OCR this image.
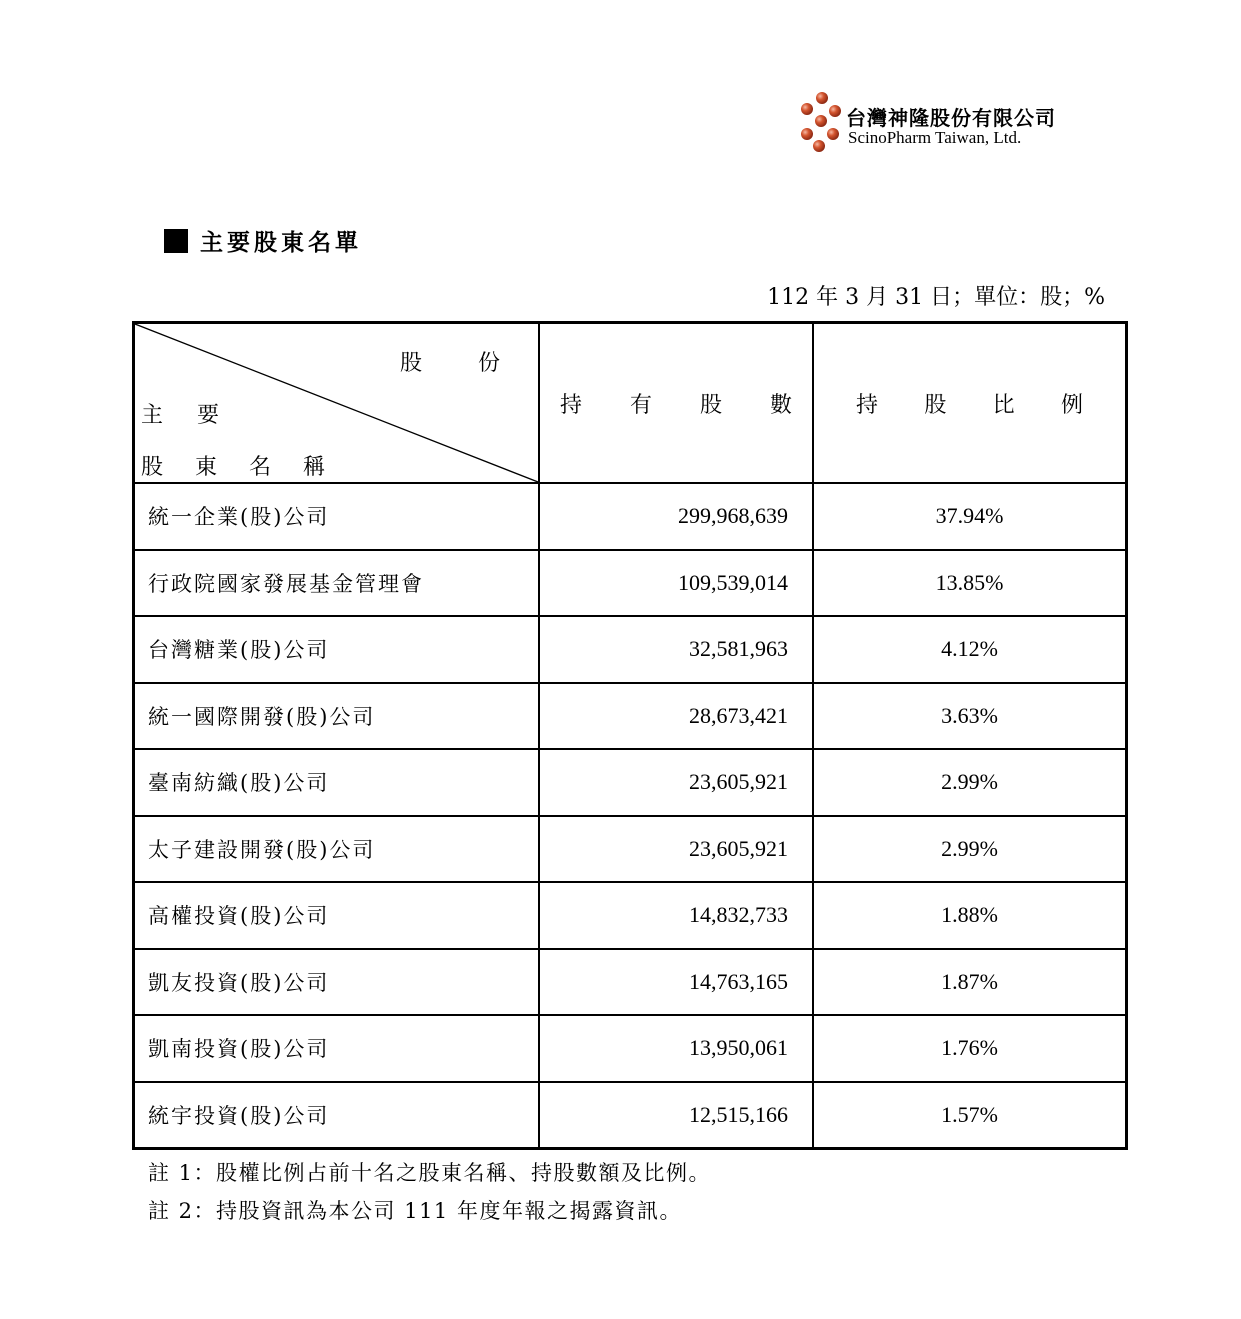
台灣神隆股份有限公司
ScinoPharm Taiwan, Ltd.
主要股東名單
112 年 3 月 31 日；單位：股；%
股	份
主 要
股 東 名 稱
持 有 股 數	持 股 比 例
統一企業(股)公司	299,968,639	37.94%
行政院國家發展基金管理會	109,539,014	13.85%
台灣糖業(股)公司	32,581,963	4.12%
統一國際開發(股)公司	28,673,421	3.63%
臺南紡織(股)公司	23,605,921	2.99%
太子建設開發(股)公司	23,605,921	2.99%
高權投資(股)公司	14,832,733	1.88%
凱友投資(股)公司	14,763,165	1.87%
凱南投資(股)公司	13,950,061	1.76%
統宇投資(股)公司	12,515,166	1.57%
註 1：股權比例占前十名之股東名稱、持股數額及比例。
註 2：持股資訊為本公司 111 年度年報之揭露資訊。
